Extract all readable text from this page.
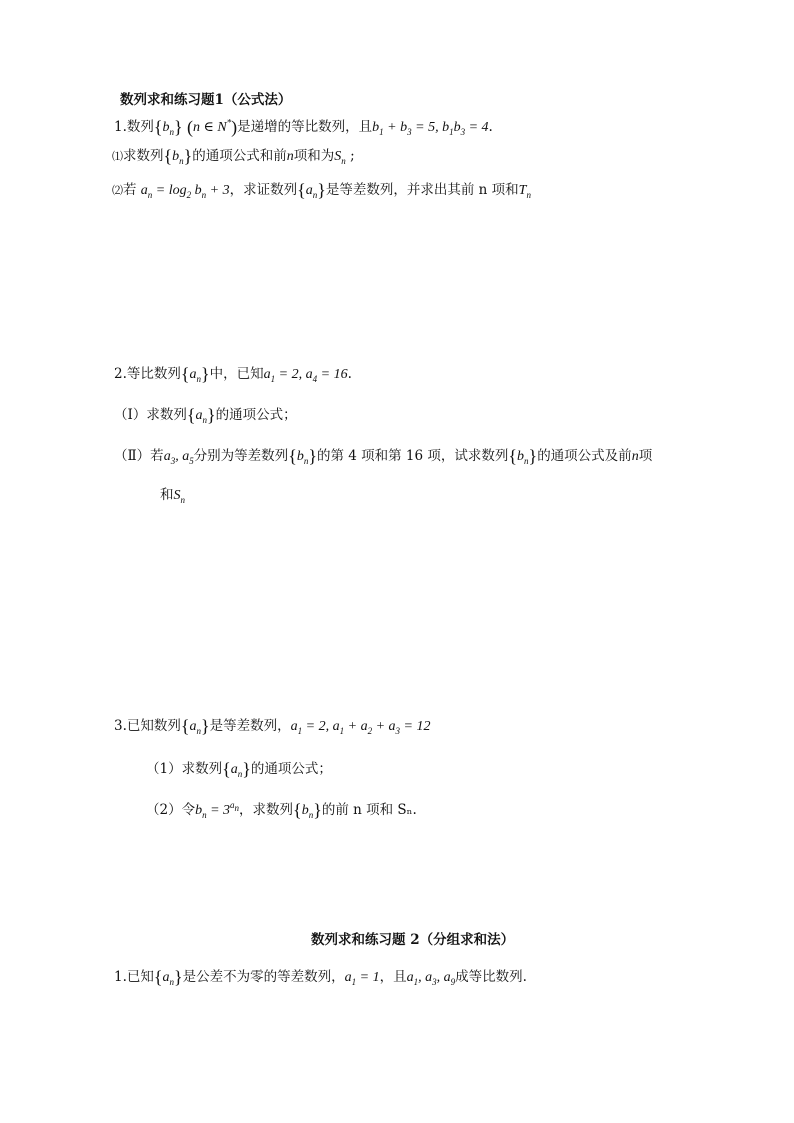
数列求和练习题1（公式法）
1.数列$\{b_n\}$ (n ∈ N*)是递增的等比数列，且$b_1 + b_3 = 5$, $b_1b_3 = 4$.
⑴求数列$\{b_n\}$的通项公式和前n项和为$S_n$ ;
⑵若 $a_n = \log_2 b_n + 3$，求证数列$\{a_n\}$是等差数列，并求出其前 n 项和$T_n$
2.等比数列$\{a_n\}$中，已知$a_1 = 2$, $a_4 = 16$.
（Ⅰ）求数列$\{a_n\}$的通项公式；
（Ⅱ）若$a_3$, $a_5$分别为等差数列$\{b_n\}$的第 4 项和第 16 项，试求数列$\{b_n\}$的通项公式及前n项
和$S_n$
3.已知数列$\{a_n\}$是等差数列，$a_1 = 2$, $a_1 + a_2 + a_3 = 12$
（1）求数列$\{a_n\}$的通项公式；
（2）令$b_n = 3^{a_n}$，求数列$\{b_n\}$的前 n 项和 Sₙ.
数列求和练习题 2（分组求和法）
1.已知$\{a_n\}$是公差不为零的等差数列，$a_1 = 1$，且$a_1$, $a_3$, $a_9$成等比数列.
